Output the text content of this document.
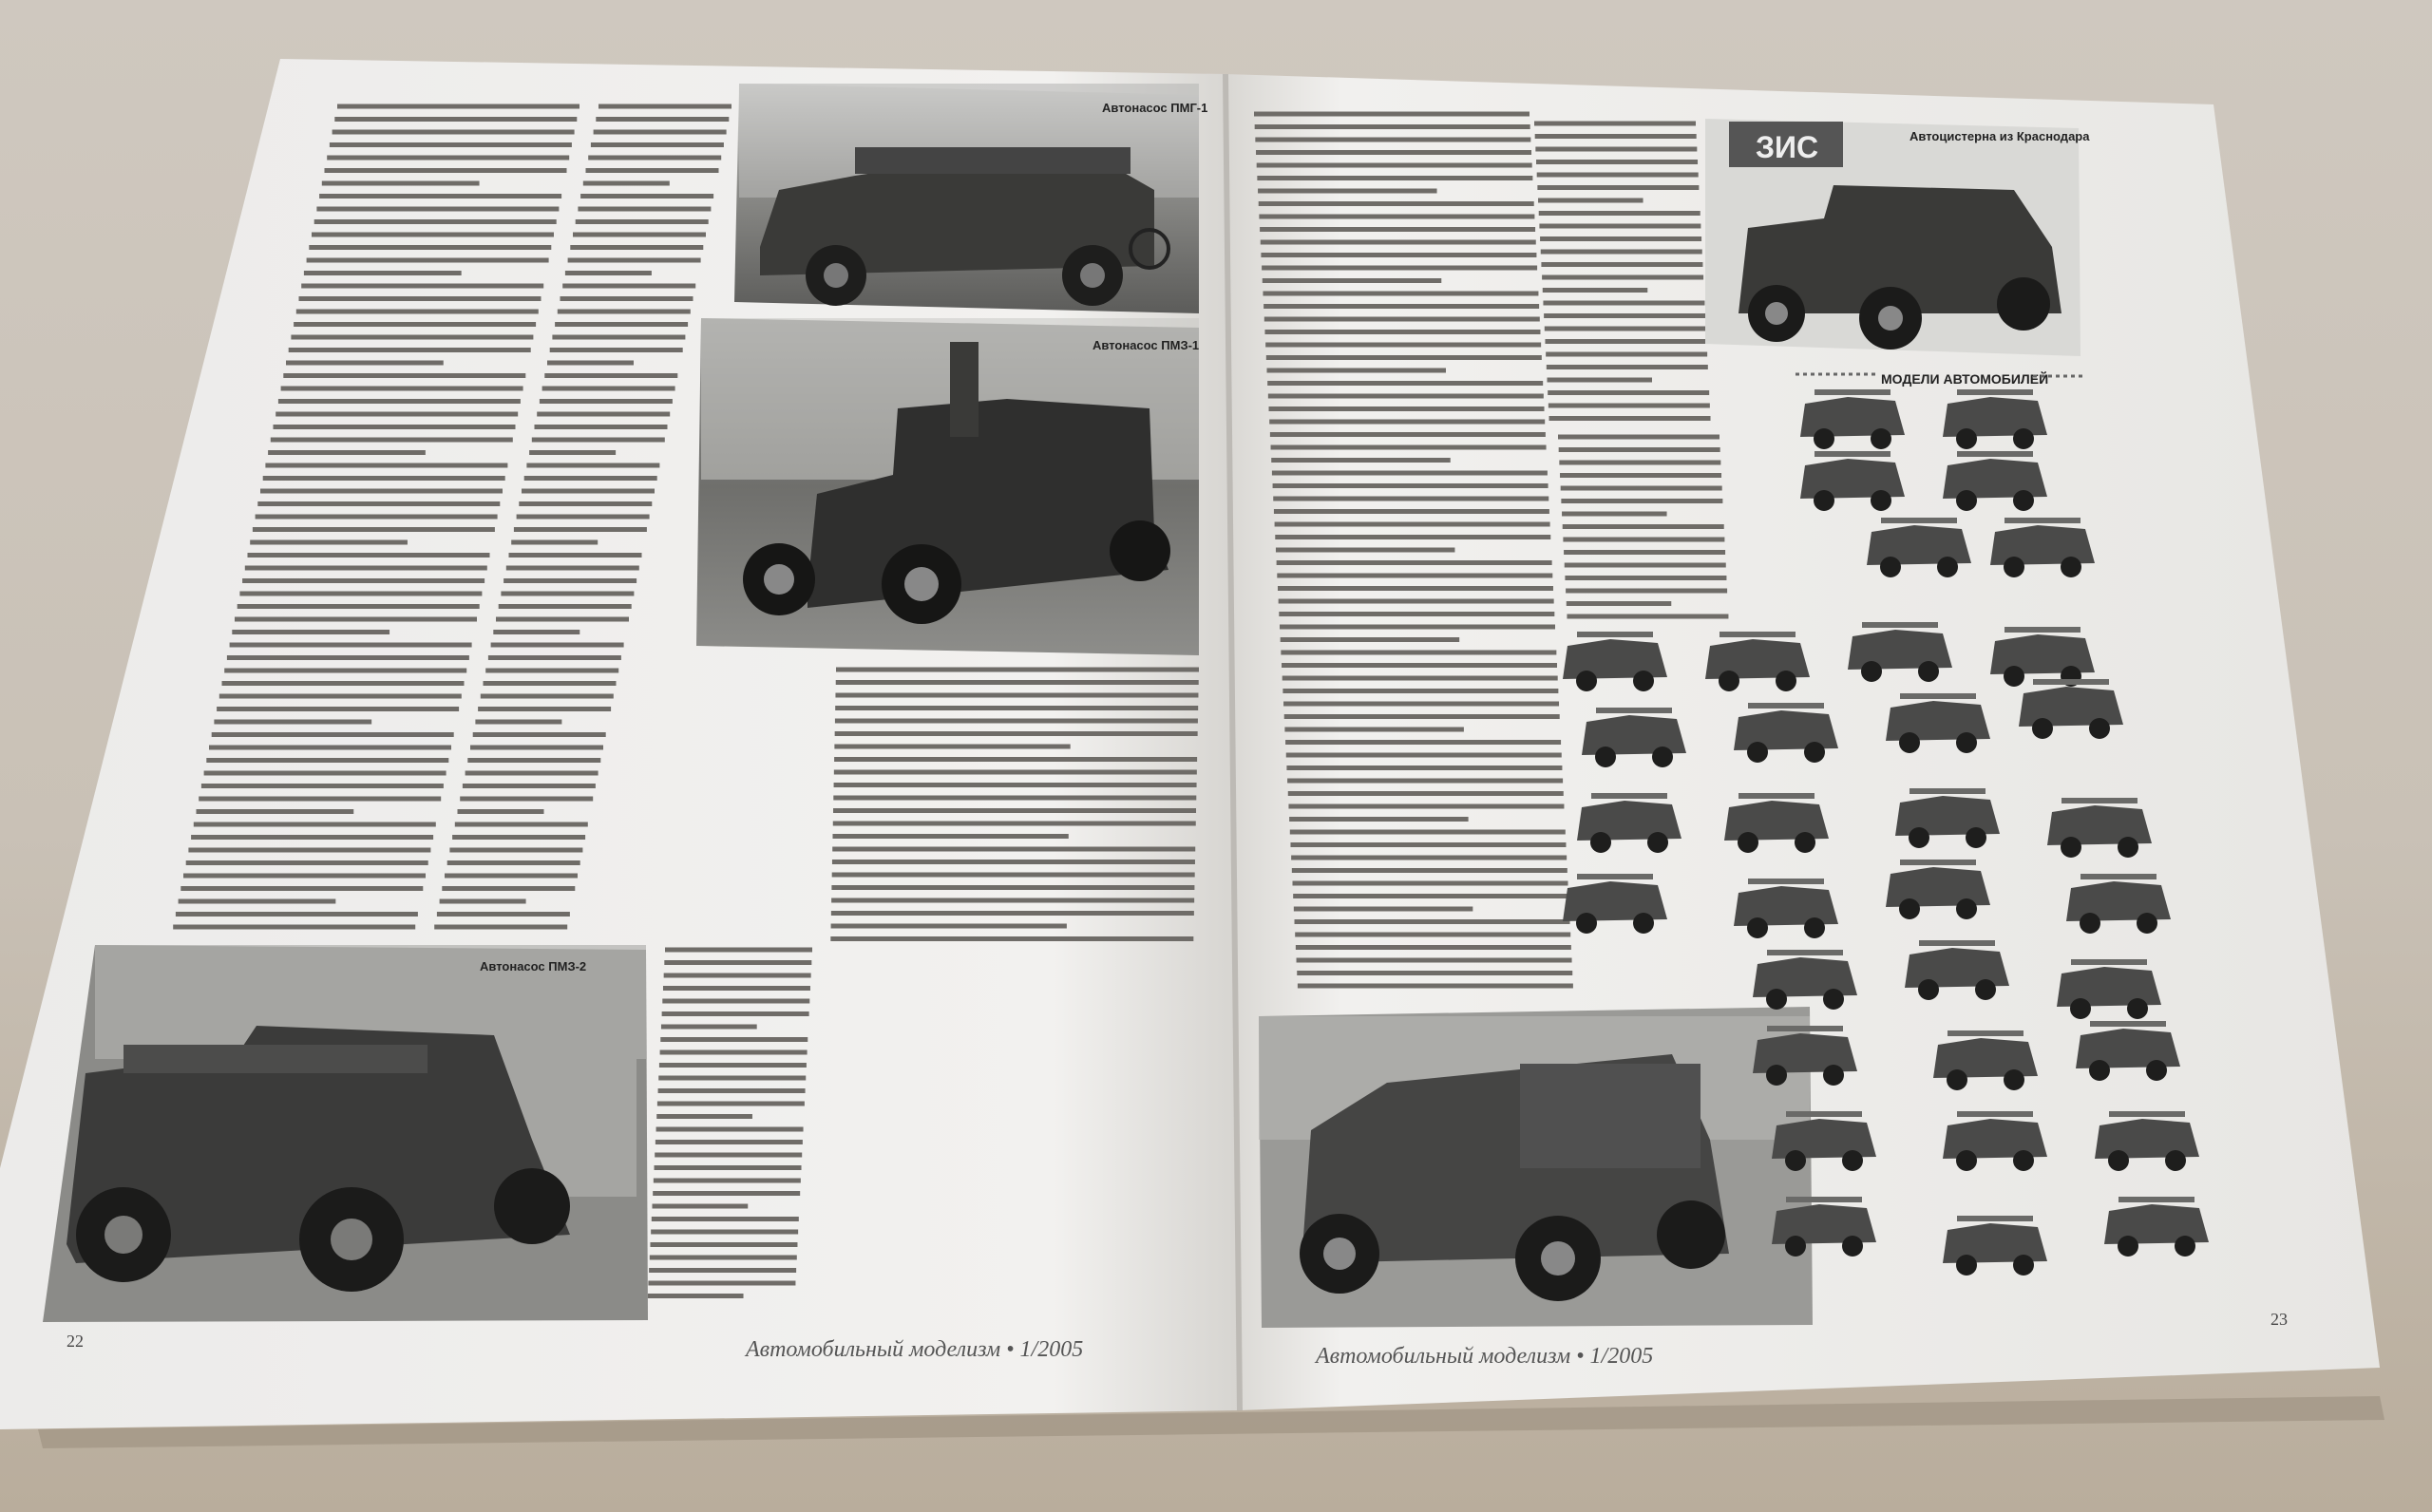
Автонасос ПМГ-1
Автонасос ПМЗ-1
Автонасос ПМЗ-2
22	Автомобильный моделизм • 1/2005
ЗИС	Автоцистерна из Краснодара
МОДЕЛИ АВТОМОБИЛЕЙ
Автомобильный моделизм • 1/2005
23
